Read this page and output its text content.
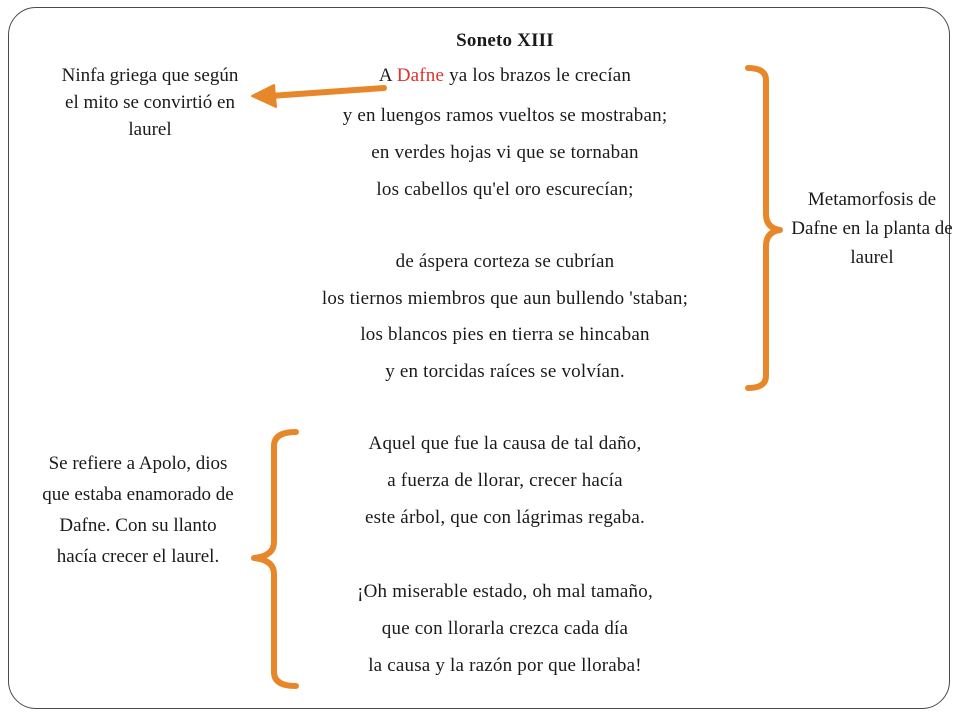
Soneto XIII
A Dafne ya los brazos le crecían
y en luengos ramos vueltos se mostraban;
en verdes hojas vi que se tornaban
los cabellos qu'el oro escurecían;
de áspera corteza se cubrían
los tiernos miembros que aun bullendo 'staban;
los blancos pies en tierra se hincaban
y en torcidas raíces se volvían.
Aquel que fue la causa de tal daño,
a fuerza de llorar, crecer hacía
este árbol, que con lágrimas regaba.
¡Oh miserable estado, oh mal tamaño,
que con llorarla crezca cada día
la causa y la razón por que lloraba!
Ninfa griega que según el mito se convirtió en laurel
Metamorfosis de Dafne en la planta de laurel
Se refiere a Apolo, dios que estaba enamorado de Dafne. Con su llanto hacía crecer el laurel.
